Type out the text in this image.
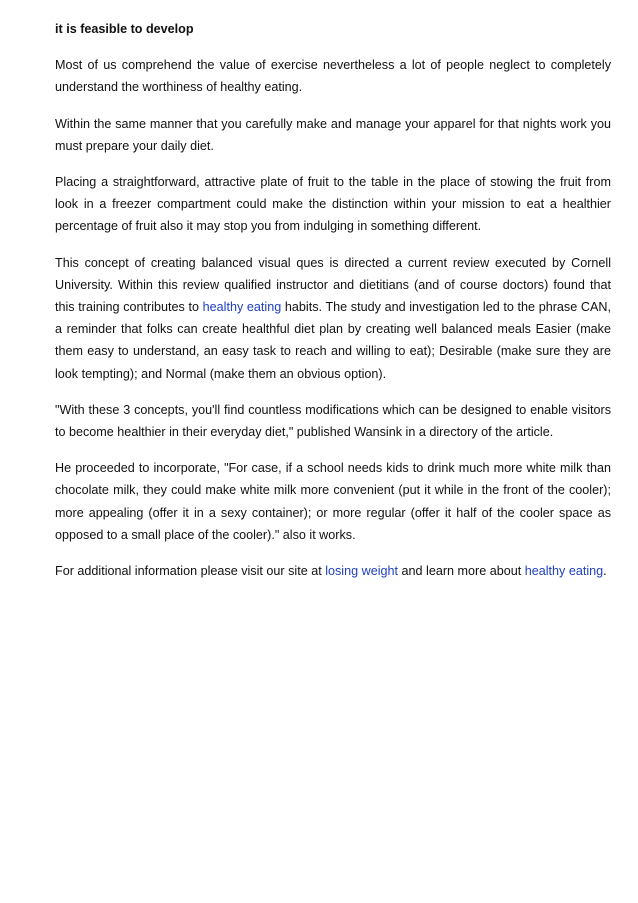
it is feasible to develop

Most of us comprehend the value of exercise nevertheless a lot of people neglect to completely understand the worthiness of healthy eating.

Within the same manner that you carefully make and manage your apparel for that nights work you must prepare your daily diet.

Placing a straightforward, attractive plate of fruit to the table in the place of stowing the fruit from look in a freezer compartment could make the distinction within your mission to eat a healthier percentage of fruit also it may stop you from indulging in something different.

This concept of creating balanced visual ques is directed a current review executed by Cornell University. Within this review qualified instructor and dietitians (and of course doctors) found that this training contributes to healthy eating habits. The study and investigation led to the phrase CAN, a reminder that folks can create healthful diet plan by creating well balanced meals Easier (make them easy to understand, an easy task to reach and willing to eat); Desirable (make sure they are look tempting); and Normal (make them an obvious option).

"With these 3 concepts, you'll find countless modifications which can be designed to enable visitors to become healthier in their everyday diet," published Wansink in a directory of the article.

He proceeded to incorporate, "For case, if a school needs kids to drink much more white milk than chocolate milk, they could make white milk more convenient (put it while in the front of the cooler); more appealing (offer it in a sexy container); or more regular (offer it half of the cooler space as opposed to a small place of the cooler)." also it works.

For additional information please visit our site at losing weight and learn more about healthy eating.
